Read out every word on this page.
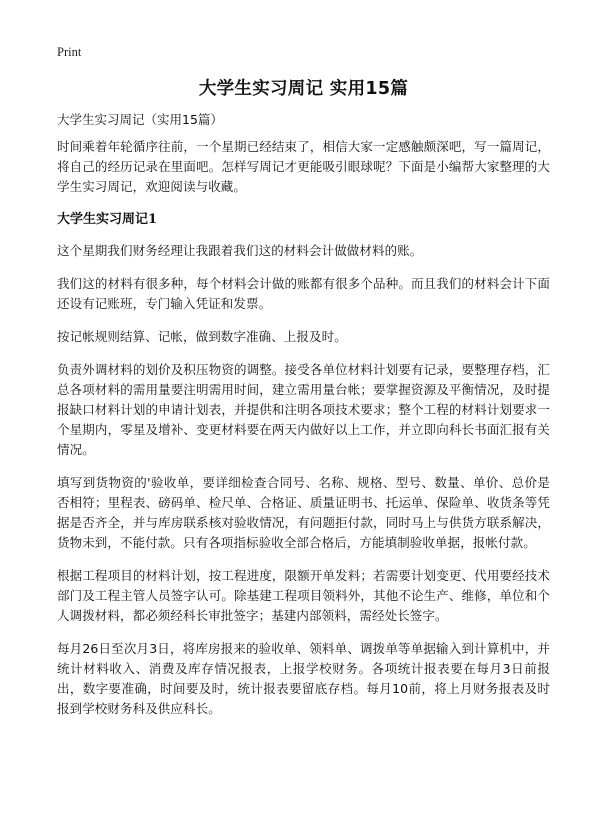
Print
大学生实习周记 实用15篇
大学生实习周记（实用15篇）

时间乘着年轮循序往前，一个星期已经结束了，相信大家一定感触颇深吧，写一篇周记，将自己的经历记录在里面吧。怎样写周记才更能吸引眼球呢？下面是小编帮大家整理的大学生实习周记，欢迎阅读与收藏。

大学生实习周记1

这个星期我们财务经理让我跟着我们这的材料会计做做材料的账。

我们这的材料有很多种，每个材料会计做的账都有很多个品种。而且我们的材料会计下面还设有记账班，专门输入凭证和发票。

按记帐规则结算、记帐，做到数字准确、上报及时。

负责外调材料的划价及积压物资的调整。接受各单位材料计划要有记录，要整理存档，汇总各项材料的需用量要注明需用时间，建立需用量台帐；要掌握资源及平衡情况，及时提报缺口材料计划的申请计划表，并提供和注明各项技术要求；整个工程的材料计划要求一个星期内，零星及增补、变更材料要在两天内做好以上工作，并立即向科长书面汇报有关情况。

填写到货物资的'验收单，要详细检查合同号、名称、规格、型号、数量、单价、总价是否相符；里程表、磅码单、检尺单、合格证、质量证明书、托运单、保险单、收货条等凭据是否齐全，并与库房联系核对验收情况，有问题拒付款，同时马上与供货方联系解决，货物未到，不能付款。只有各项指标验收全部合格后，方能填制验收单据，报帐付款。

根据工程项目的材料计划，按工程进度，限额开单发料；若需要计划变更、代用要经技术部门及工程主管人员签字认可。除基建工程项目领料外，其他不论生产、维修，单位和个人调拨材料，都必须经科长审批签字；基建内部领料，需经处长签字。

每月26日至次月3日，将库房报来的验收单、领料单、调拨单等单据输入到计算机中，并统计材料收入、消费及库存情况报表，上报学校财务。各项统计报表要在每月3日前报出，数字要准确，时间要及时，统计报表要留底存档。每月10前，将上月财务报表及时报到学校财务科及供应科长。
